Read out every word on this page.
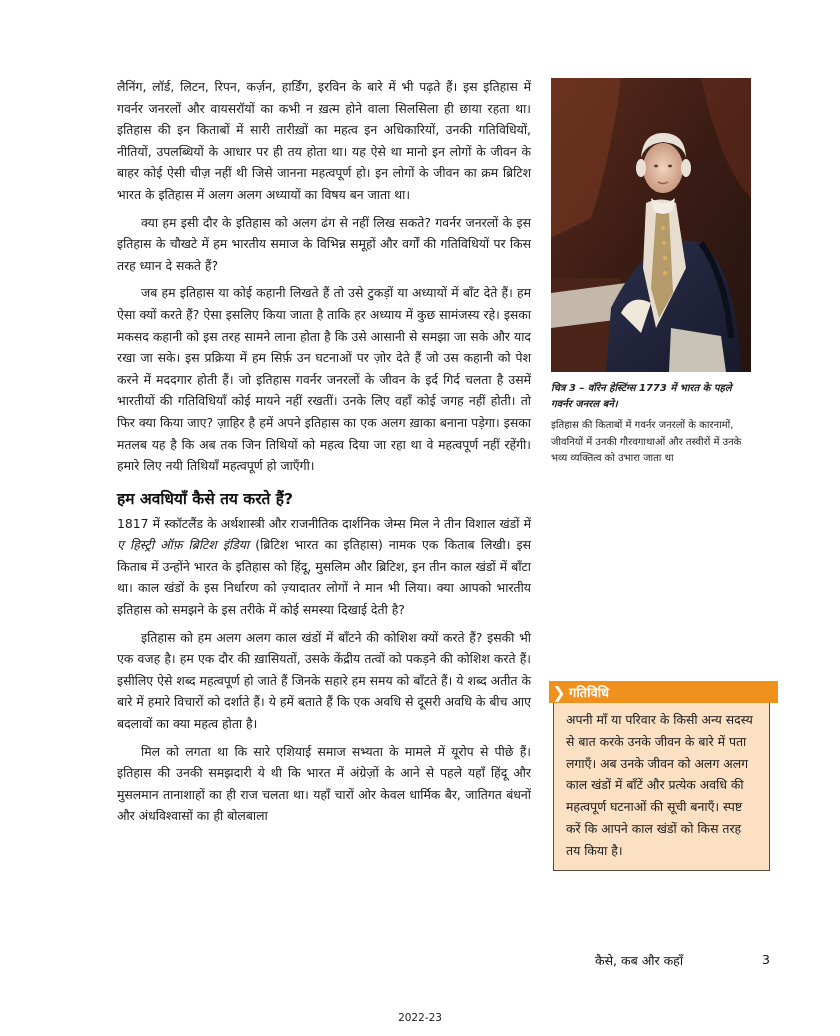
लैनिंग, लॉर्ड, लिटन, रिपन, कर्ज़न, हार्डिंग, इरविन के बारे में भी पढ़ते हैं। इस इतिहास में गवर्नर जनरलों और वायसरॉयों का कभी न ख़त्म होने वाला सिलसिला ही छाया रहता था। इतिहास की इन किताबों में सारी तारीख़ों का महत्व इन अधिकारियों, उनकी गतिविधियों, नीतियों, उपलब्धियों के आधार पर ही तय होता था। यह ऐसे था मानो इन लोगों के जीवन के बाहर कोई ऐसी चीज़ नहीं थी जिसे जानना महत्वपूर्ण हो। इन लोगों के जीवन का क्रम ब्रिटिश भारत के इतिहास में अलग अलग अध्यायों का विषय बन जाता था।

क्या हम इसी दौर के इतिहास को अलग ढंग से नहीं लिख सकते? गवर्नर जनरलों के इस इतिहास के चौखटे में हम भारतीय समाज के विभिन्न समूहों और वर्गों की गतिविधियों पर किस तरह ध्यान दे सकते हैं?

जब हम इतिहास या कोई कहानी लिखते हैं तो उसे टुकड़ों या अध्यायों में बाँट देते हैं। हम ऐसा क्यों करते हैं? ऐसा इसलिए किया जाता है ताकि हर अध्याय में कुछ सामंजस्य रहे। इसका मकसद कहानी को इस तरह सामने लाना होता है कि उसे आसानी से समझा जा सके और याद रखा जा सके। इस प्रक्रिया में हम सिर्फ़ उन घटनाओं पर ज़ोर देते हैं जो उस कहानी को पेश करने में मददगार होती हैं। जो इतिहास गवर्नर जनरलों के जीवन के इर्द गिर्द चलता है उसमें भारतीयों की गतिविधियाँ कोई मायने नहीं रखतीं। उनके लिए वहाँ कोई जगह नहीं होती। तो फिर क्या किया जाए? ज़ाहिर है हमें अपने इतिहास का एक अलग ख़ाका बनाना पड़ेगा। इसका मतलब यह है कि अब तक जिन तिथियों को महत्व दिया जा रहा था वे महत्वपूर्ण नहीं रहेंगी। हमारे लिए नयी तिथियाँ महत्वपूर्ण हो जाएँगी।

हम अवधियाँ कैसे तय करते हैं?

1817 में स्कॉटलैंड के अर्थशास्त्री और राजनीतिक दार्शनिक जेम्स मिल ने तीन विशाल खंडों में ए हिस्ट्री ऑफ़ ब्रिटिश इंडिया (ब्रिटिश भारत का इतिहास) नामक एक किताब लिखी। इस किताब में उन्होंने भारत के इतिहास को हिंदू, मुसलिम और ब्रिटिश, इन तीन काल खंडों में बाँटा था। काल खंडों के इस निर्धारण को ज़्यादातर लोगों ने मान भी लिया। क्या आपको भारतीय इतिहास को समझने के इस तरीके में कोई समस्या दिखाई देती है?

इतिहास को हम अलग अलग काल खंडों में बाँटने की कोशिश क्यों करते हैं? इसकी भी एक वजह है। हम एक दौर की ख़ासियतों, उसके केंद्रीय तत्वों को पकड़ने की कोशिश करते हैं। इसीलिए ऐसे शब्द महत्वपूर्ण हो जाते हैं जिनके सहारे हम समय को बाँटते हैं। ये शब्द अतीत के बारे में हमारे विचारों को दर्शाते हैं। ये हमें बताते हैं कि एक अवधि से दूसरी अवधि के बीच आए बदलावों का क्या महत्व होता है।

मिल को लगता था कि सारे एशियाई समाज सभ्यता के मामले में यूरोप से पीछे हैं। इतिहास की उनकी समझदारी ये थी कि भारत में अंग्रेज़ों के आने से पहले यहाँ हिंदू और मुसलमान तानाशाहों का ही राज चलता था। यहाँ चारों ओर केवल धार्मिक बैर, जातिगत बंधनों और अंधविश्वासों का ही बोलबाला

चित्र 3 – वॉरेन हेस्टिंग्स 1773 में भारत के पहले गवर्नर जनरल बने।
इतिहास की किताबों में गवर्नर जनरलों के कारनामों, जीवनियों में उनकी गौरवगाथाओं और तस्वीरों में उनके भव्य व्यक्तित्व को उभारा जाता था
❯ गतिविधि
अपनी माँ या परिवार के किसी अन्य सदस्य से बात करके उनके जीवन के बारे में पता लगाएँ। अब उनके जीवन को अलग अलग काल खंडों में बाँटें और प्रत्येक अवधि की महत्वपूर्ण घटनाओं की सूची बनाएँ। स्पष्ट करें कि आपने काल खंडों को किस तरह तय किया है।
कैसे, कब और कहाँ	3
2022-23
